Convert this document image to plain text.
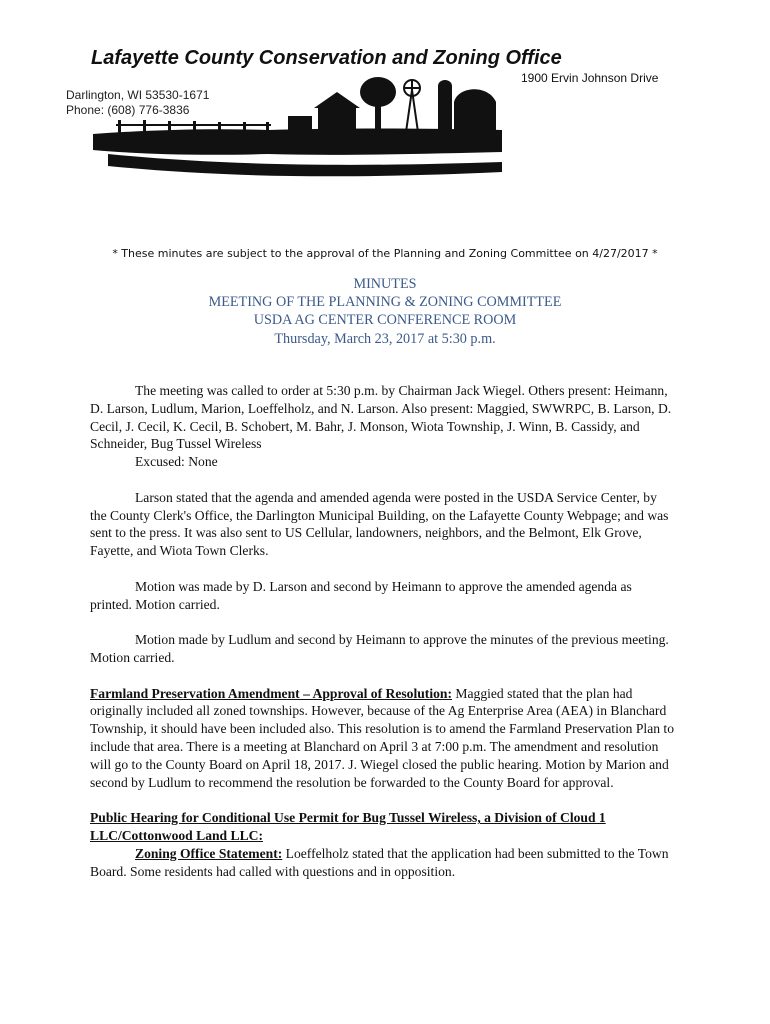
Lafayette County Conservation and Zoning Office
1900 Ervin Johnson Drive
Darlington, WI 53530-1671
Phone: (608) 776-3836
* These minutes are subject to the approval of the Planning and Zoning Committee on 4/27/2017 *
MINUTES
MEETING OF THE PLANNING & ZONING COMMITTEE
USDA AG CENTER CONFERENCE ROOM
Thursday, March 23, 2017 at 5:30 p.m.

The meeting was called to order at 5:30 p.m. by Chairman Jack Wiegel. Others present: Heimann, D. Larson, Ludlum, Marion, Loeffelholz, and N. Larson. Also present: Maggied, SWWRPC, B. Larson, D. Cecil, J. Cecil, K. Cecil, B. Schobert, M. Bahr, J. Monson, Wiota Township, J. Winn, B. Cassidy, and Schneider, Bug Tussel Wireless

Excused: None

Larson stated that the agenda and amended agenda were posted in the USDA Service Center, by the County Clerk's Office, the Darlington Municipal Building, on the Lafayette County Webpage; and was sent to the press. It was also sent to US Cellular, landowners, neighbors, and the Belmont, Elk Grove, Fayette, and Wiota Town Clerks.

Motion was made by D. Larson and second by Heimann to approve the amended agenda as printed. Motion carried.

Motion made by Ludlum and second by Heimann to approve the minutes of the previous meeting. Motion carried.

Farmland Preservation Amendment – Approval of Resolution: Maggied stated that the plan had originally included all zoned townships. However, because of the Ag Enterprise Area (AEA) in Blanchard Township, it should have been included also. This resolution is to amend the Farmland Preservation Plan to include that area. There is a meeting at Blanchard on April 3 at 7:00 p.m. The amendment and resolution will go to the County Board on April 18, 2017. J. Wiegel closed the public hearing. Motion by Marion and second by Ludlum to recommend the resolution be forwarded to the County Board for approval.

Public Hearing for Conditional Use Permit for Bug Tussel Wireless, a Division of Cloud 1 LLC/Cottonwood Land LLC:

Zoning Office Statement: Loeffelholz stated that the application had been submitted to the Town Board. Some residents had called with questions and in opposition.
